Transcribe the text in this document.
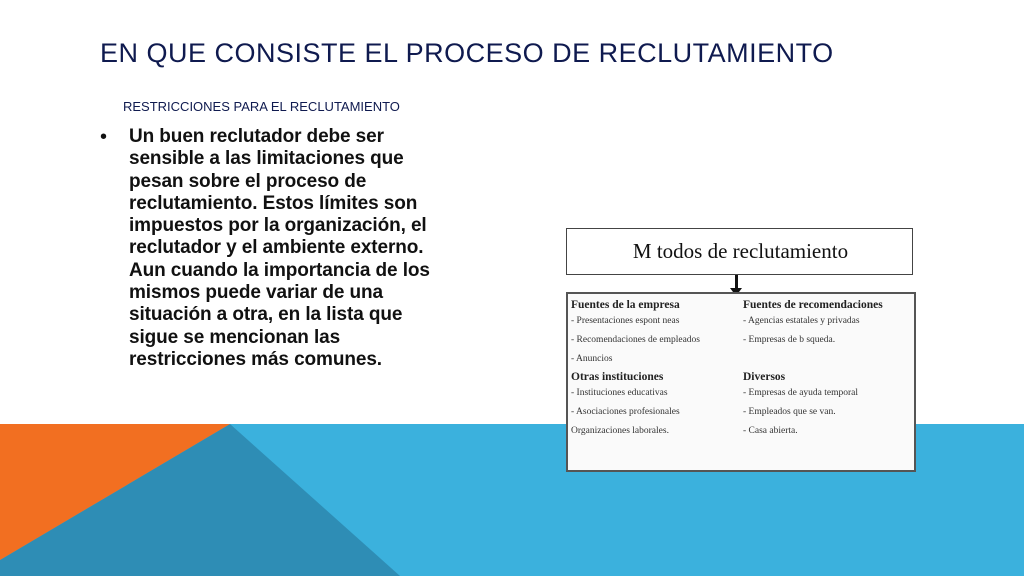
EN QUE CONSISTE EL PROCESO DE RECLUTAMIENTO
RESTRICCIONES PARA EL RECLUTAMIENTO
• Un buen reclutador debe ser sensible a las limitaciones que pesan sobre el proceso de reclutamiento. Estos límites son impuestos por la organización, el reclutador y el ambiente externo. Aun cuando la importancia de los mismos puede variar de una situación a otra, en la lista que sigue se mencionan las restricciones más comunes.
M todos de reclutamiento
Fuentes de la empresa
- Presentaciones espont neas
- Recomendaciones de empleados
- Anuncios
Otras instituciones
- Instituciones educativas
- Asociaciones profesionales
Organizaciones laborales.
Fuentes de recomendaciones
- Agencias estatales y privadas
- Empresas de b squeda.

Diversos
- Empresas de ayuda temporal
- Empleados que se van.
- Casa abierta.
